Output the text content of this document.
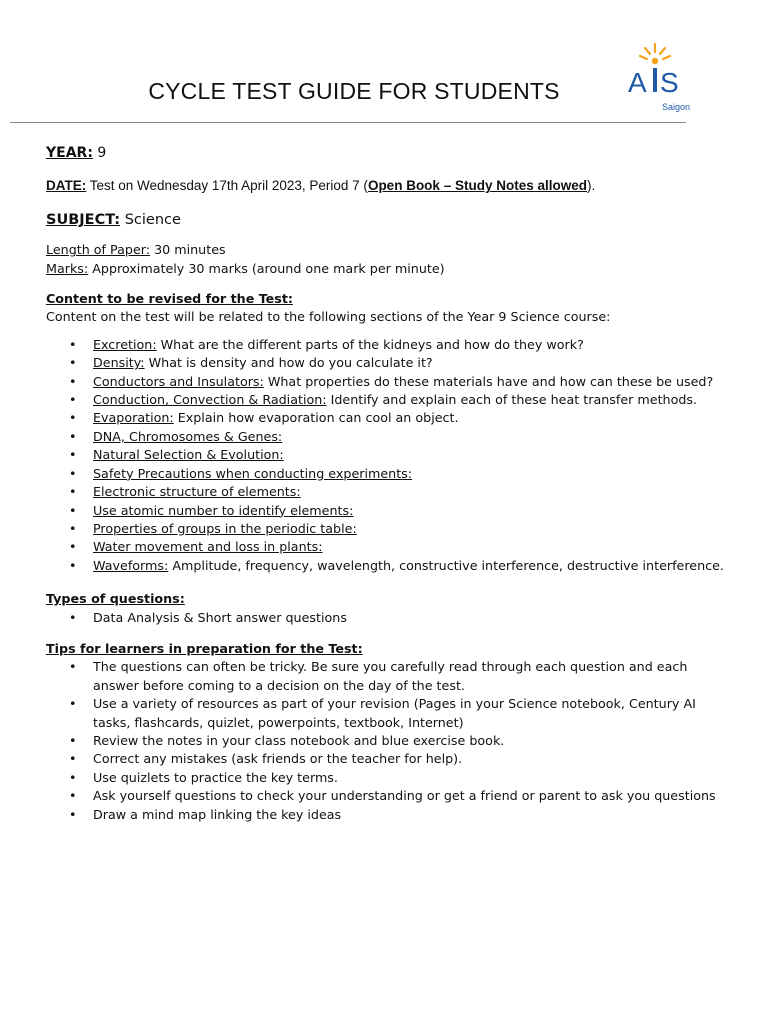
CYCLE TEST GUIDE FOR STUDENTS	A S
Saigon

YEAR: 9

DATE: Test on Wednesday 17th April 2023, Period 7 (Open Book – Study Notes allowed).

SUBJECT: Science

Length of Paper: 30 minutes

Marks: Approximately 30 marks (around one mark per minute)

Content to be revised for the Test:

Content on the test will be related to the following sections of the Year 9 Science course:

• Excretion: What are the different parts of the kidneys and how do they work?
• Density: What is density and how do you calculate it?
• Conductors and Insulators: What properties do these materials have and how can these be used?
• Conduction, Convection & Radiation: Identify and explain each of these heat transfer methods.
• Evaporation: Explain how evaporation can cool an object.
• DNA, Chromosomes & Genes:
• Natural Selection & Evolution:
• Safety Precautions when conducting experiments:
• Electronic structure of elements:
• Use atomic number to identify elements:
• Properties of groups in the periodic table:
• Water movement and loss in plants:
• Waveforms: Amplitude, frequency, wavelength, constructive interference, destructive interference.

Types of questions:

• Data Analysis & Short answer questions

Tips for learners in preparation for the Test:

• The questions can often be tricky. Be sure you carefully read through each question and each answer before coming to a decision on the day of the test.
• Use a variety of resources as part of your revision (Pages in your Science notebook, Century AI tasks, flashcards, quizlet, powerpoints, textbook, Internet)
• Review the notes in your class notebook and blue exercise book.
• Correct any mistakes (ask friends or the teacher for help).
• Use quizlets to practice the key terms.
• Ask yourself questions to check your understanding or get a friend or parent to ask you questions
• Draw a mind map linking the key ideas
